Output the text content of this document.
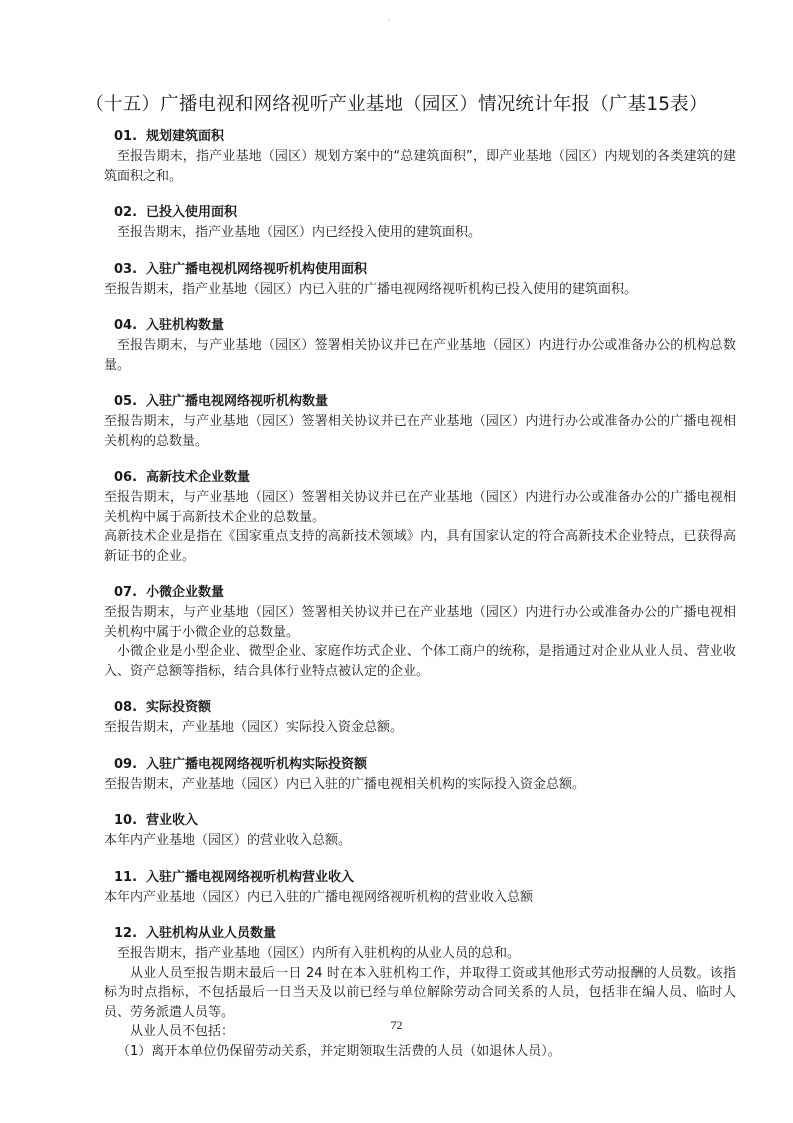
·
（十五）广播电视和网络视听产业基地（园区）情况统计年报（广基15表）
01. 规划建筑面积
至报告期末，指产业基地（园区）规划方案中的“总建筑面积”，即产业基地（园区）内规划的各类建筑的建筑面积之和。
02. 已投入使用面积
至报告期末，指产业基地（园区）内已经投入使用的建筑面积。
03. 入驻广播电视机网络视听机构使用面积
至报告期末，指产业基地（园区）内已入驻的广播电视网络视听机构已投入使用的建筑面积。
04. 入驻机构数量
至报告期末，与产业基地（园区）签署相关协议并已在产业基地（园区）内进行办公或准备办公的机构总数量。
05. 入驻广播电视网络视听机构数量
至报告期末，与产业基地（园区）签署相关协议并已在产业基地（园区）内进行办公或准备办公的广播电视相关机构的总数量。
06. 高新技术企业数量
至报告期末，与产业基地（园区）签署相关协议并已在产业基地（园区）内进行办公或准备办公的广播电视相关机构中属于高新技术企业的总数量。
高新技术企业是指在《国家重点支持的高新技术领域》内，具有国家认定的符合高新技术企业特点，已获得高新证书的企业。
07. 小微企业数量
至报告期末，与产业基地（园区）签署相关协议并已在产业基地（园区）内进行办公或准备办公的广播电视相关机构中属于小微企业的总数量。
小微企业是小型企业、微型企业、家庭作坊式企业、个体工商户的统称，是指通过对企业从业人员、营业收入、资产总额等指标，结合具体行业特点被认定的企业。
08. 实际投资额
至报告期末，产业基地（园区）实际投入资金总额。
09. 入驻广播电视网络视听机构实际投资额
至报告期末，产业基地（园区）内已入驻的广播电视相关机构的实际投入资金总额。
10. 营业收入
本年内产业基地（园区）的营业收入总额。
11. 入驻广播电视网络视听机构营业收入
本年内产业基地（园区）内已入驻的广播电视网络视听机构的营业收入总额
12. 入驻机构从业人员数量
至报告期末，指产业基地（园区）内所有入驻机构的从业人员的总和。
从业人员至报告期末最后一日 24 时在本入驻机构工作，并取得工资或其他形式劳动报酬的人员数。该指标为时点指标，不包括最后一日当天及以前已经与单位解除劳动合同关系的人员，包括非在编人员、临时人员、劳务派遣人员等。
从业人员不包括：
（1）离开本单位仍保留劳动关系，并定期领取生活费的人员（如退休人员）。
72
